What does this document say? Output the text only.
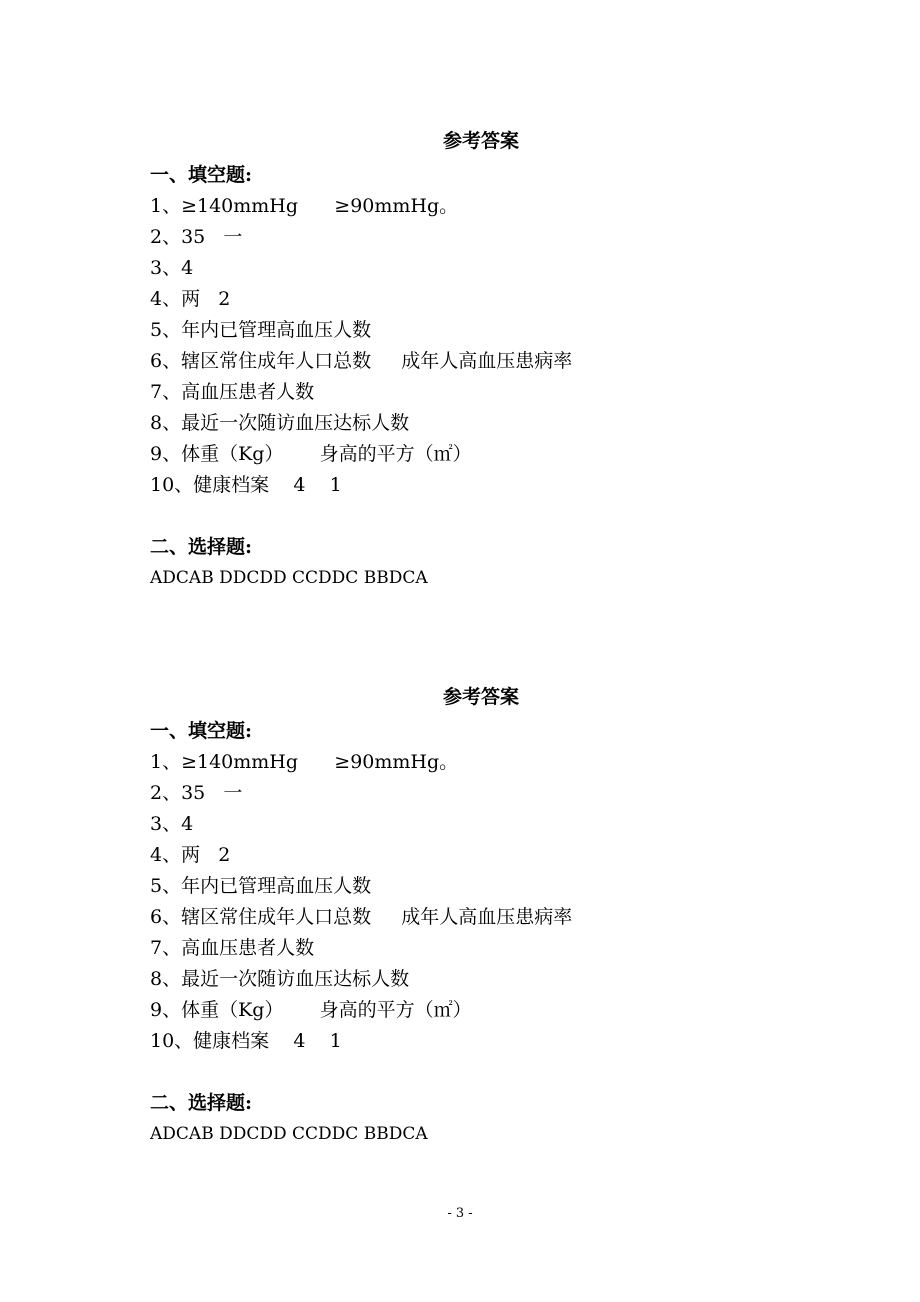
参考答案
一、填空题:
1、≥140mmHg      ≥90mmHg。
2、35   一
3、4
4、两   2
5、年内已管理高血压人数
6、辖区常住成年人口总数     成年人高血压患病率
7、高血压患者人数
8、最近一次随访血压达标人数
9、体重（Kg）      身高的平方（㎡）
10、健康档案    4    1
二、选择题:
ADCAB DDCDD CCDDC BBDCA
参考答案
一、填空题:
1、≥140mmHg      ≥90mmHg。
2、35   一
3、4
4、两   2
5、年内已管理高血压人数
6、辖区常住成年人口总数     成年人高血压患病率
7、高血压患者人数
8、最近一次随访血压达标人数
9、体重（Kg）      身高的平方（㎡）
10、健康档案    4    1
二、选择题:
ADCAB DDCDD CCDDC BBDCA
- 3 -
